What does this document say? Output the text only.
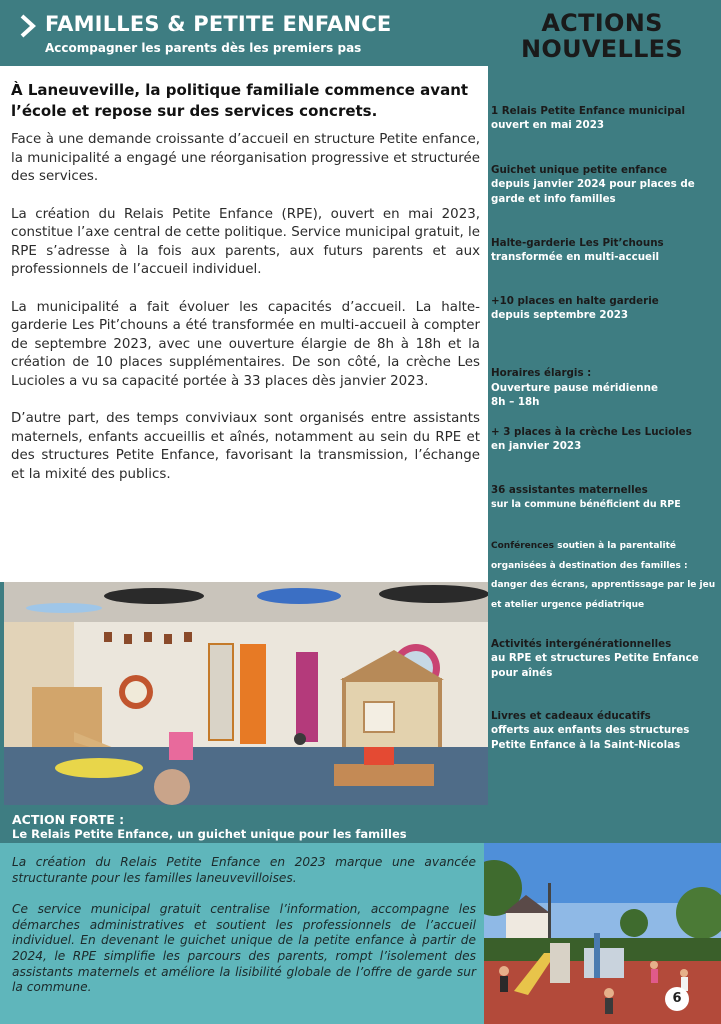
FAMILLES & PETITE ENFANCE
Accompagner les parents dès les premiers pas
À Laneuveville, la politique familiale commence avant l’école et repose sur des services concrets.

Face à une demande croissante d’accueil en structure Petite enfance, la municipalité a engagé une réorganisation progressive et structurée des services.

La création du Relais Petite Enfance (RPE), ouvert en mai 2023, constitue l’axe central de cette politique. Service municipal gratuit, le RPE s’adresse à la fois aux parents, aux futurs parents et aux professionnels de l’accueil individuel.

La municipalité a fait évoluer les capacités d’accueil. La halte-garderie Les Pit’chouns a été transformée en multi-accueil à compter de septembre 2023, avec une ouverture élargie de 8h à 18h et la création de 10 places supplémentaires. De son côté, la crèche Les Lucioles a vu sa capacité portée à 33 places dès janvier 2023.

D’autre part, des temps conviviaux sont organisés entre assistants maternels, enfants accueillis et aînés, notamment au sein du RPE et des structures Petite Enfance, favorisant la transmission, l’échange et la mixité des publics.

ACTIONS
NOUVELLES
1 Relais Petite Enfance municipal
ouvert en mai 2023
Guichet unique petite enfance
depuis janvier 2024 pour places de garde et info familles
Halte-garderie Les Pit’chouns
transformée en multi-accueil
+10 places en halte garderie
depuis septembre 2023

Horaires élargis :
Ouverture pause méridienne
8h – 18h

+ 3 places à la crèche Les Lucioles
en janvier 2023
36 assistantes maternelles
sur la commune bénéficient du RPE
Conférences soutien à la parentalité
organisées à destination des familles : danger des écrans, apprentissage par le jeu et atelier urgence pédiatrique
Activités intergénérationnelles
au RPE et structures Petite Enfance pour aînés
Livres et cadeaux éducatifs
offerts aux enfants des structures Petite Enfance à la Saint-Nicolas
ACTION FORTE :
Le Relais Petite Enfance, un guichet unique pour les familles

La création du Relais Petite Enfance en 2023 marque une avancée structurante pour les familles laneuvevilloises.

Ce service municipal gratuit centralise l’information, accompagne les démarches administratives et soutient les professionnels de l’accueil individuel. En devenant le guichet unique de la petite enfance à partir de 2024, le RPE simplifie les parcours des parents, rompt l’isolement des assistants maternels et améliore la lisibilité globale de l’offre de garde sur la commune.

6
